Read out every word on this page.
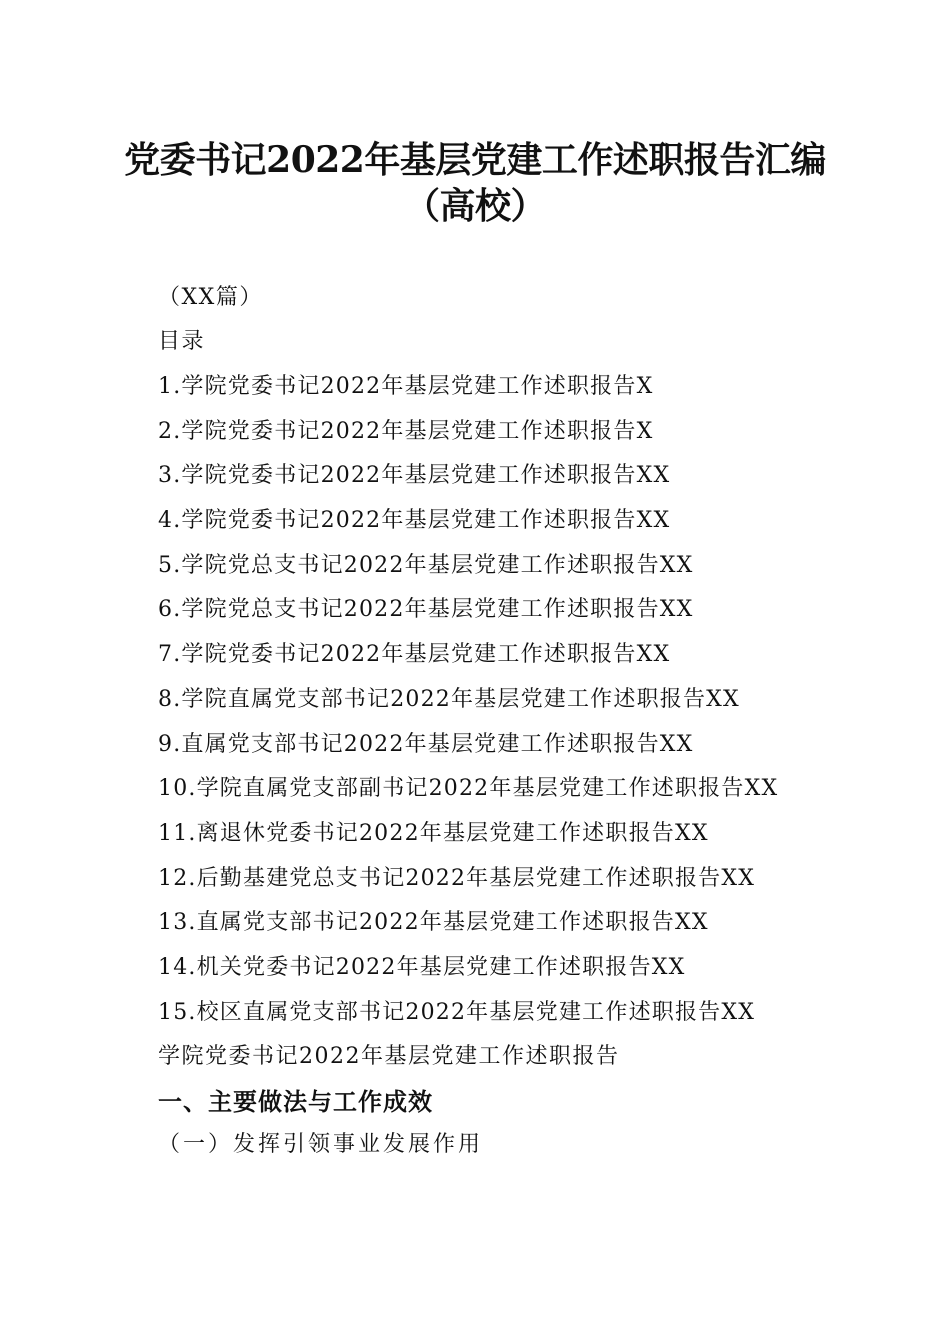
党委书记2022年基层党建工作述职报告汇编
（高校）
（XX篇）
目录
1.学院党委书记2022年基层党建工作述职报告X
2.学院党委书记2022年基层党建工作述职报告X
3.学院党委书记2022年基层党建工作述职报告XX
4.学院党委书记2022年基层党建工作述职报告XX
5.学院党总支书记2022年基层党建工作述职报告XX
6.学院党总支书记2022年基层党建工作述职报告XX
7.学院党委书记2022年基层党建工作述职报告XX
8.学院直属党支部书记2022年基层党建工作述职报告XX
9.直属党支部书记2022年基层党建工作述职报告XX
10.学院直属党支部副书记2022年基层党建工作述职报告XX
11.离退休党委书记2022年基层党建工作述职报告XX
12.后勤基建党总支书记2022年基层党建工作述职报告XX
13.直属党支部书记2022年基层党建工作述职报告XX
14.机关党委书记2022年基层党建工作述职报告XX
15.校区直属党支部书记2022年基层党建工作述职报告XX
学院党委书记2022年基层党建工作述职报告
一、主要做法与工作成效
（一）发挥引领事业发展作用
